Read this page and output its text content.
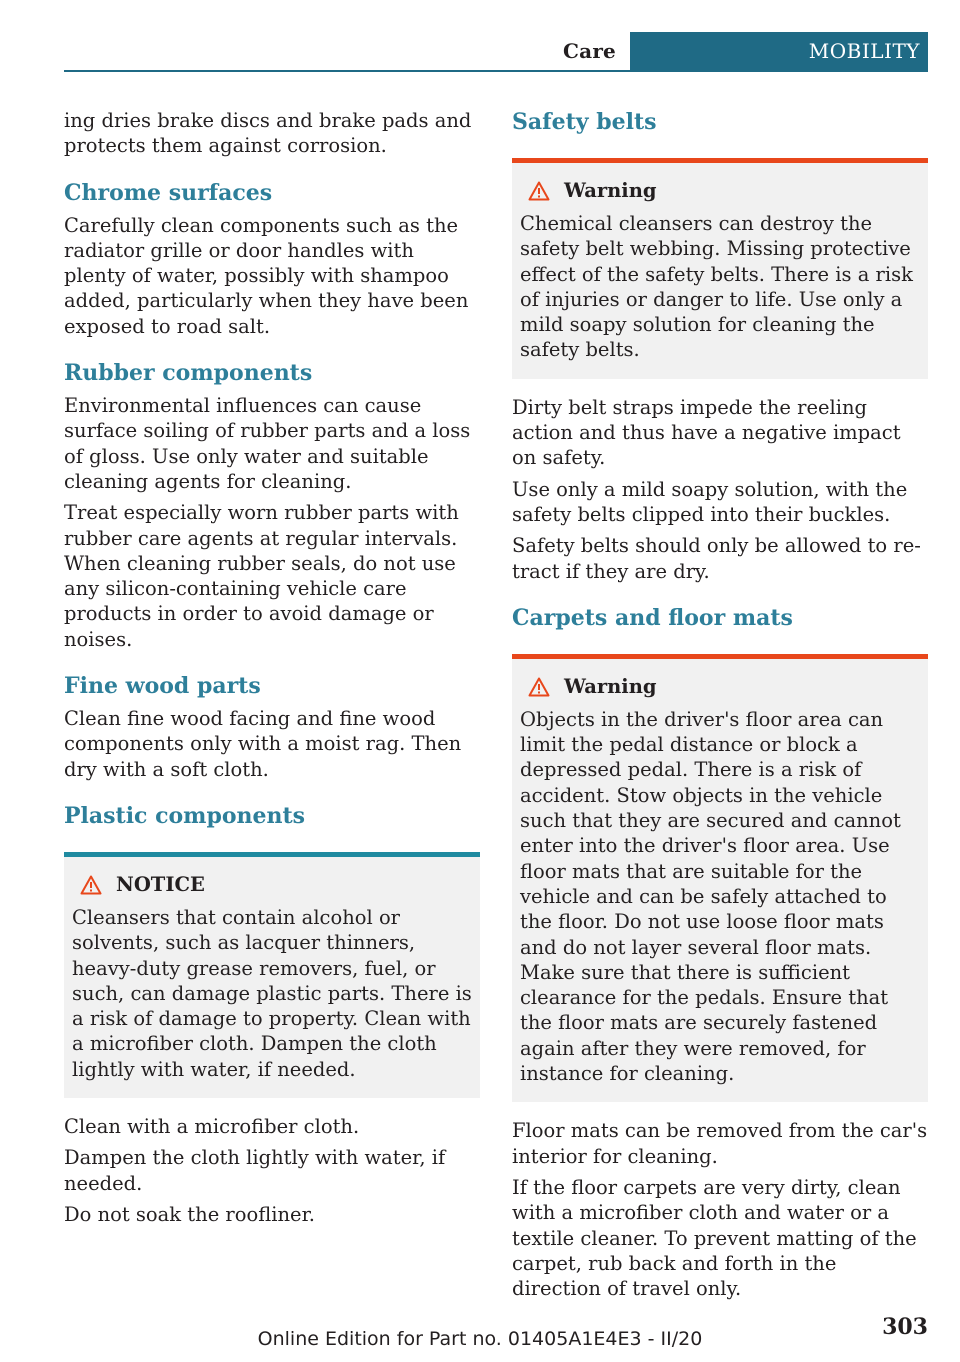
Care	MOBILITY

ing dries brake discs and brake pads and protects them against corrosion.

Chrome surfaces

Carefully clean components such as the radiator grille or door handles with plenty of water, possibly with shampoo added, particularly when they have been exposed to road salt.

Rubber components

Environmental influences can cause surface soiling of rubber parts and a loss of gloss. Use only water and suitable cleaning agents for cleaning.

Treat especially worn rubber parts with rubber care agents at regular intervals. When cleaning rubber seals, do not use any silicon-containing vehicle care products in order to avoid damage or noises.

Fine wood parts

Clean fine wood facing and fine wood components only with a moist rag. Then dry with a soft cloth.

Plastic components
NOTICE
Cleansers that contain alcohol or solvents, such as lacquer thinners, heavy-duty grease removers, fuel, or such, can damage plastic parts. There is a risk of damage to property. Clean with a microfiber cloth. Dampen the cloth lightly with water, if needed.

Clean with a microfiber cloth.

Dampen the cloth lightly with water, if needed.

Do not soak the roofliner.

Safety belts
Warning
Chemical cleansers can destroy the safety belt webbing. Missing protective effect of the safety belts. There is a risk of injuries or danger to life. Use only a mild soapy solution for cleaning the safety belts.

Dirty belt straps impede the reeling action and thus have a negative impact on safety.

Use only a mild soapy solution, with the safety belts clipped into their buckles.

Safety belts should only be allowed to retract if they are dry.

Carpets and floor mats
Warning
Objects in the driver's floor area can limit the pedal distance or block a depressed pedal. There is a risk of accident. Stow objects in the vehicle such that they are secured and cannot enter into the driver's floor area. Use floor mats that are suitable for the vehicle and can be safely attached to the floor. Do not use loose floor mats and do not layer several floor mats. Make sure that there is sufficient clearance for the pedals. Ensure that the floor mats are securely fastened again after they were removed, for instance for cleaning.

Floor mats can be removed from the car's interior for cleaning.

If the floor carpets are very dirty, clean with a microfiber cloth and water or a textile cleaner. To prevent matting of the carpet, rub back and forth in the direction of travel only.

303
Online Edition for Part no. 01405A1E4E3 - II/20
